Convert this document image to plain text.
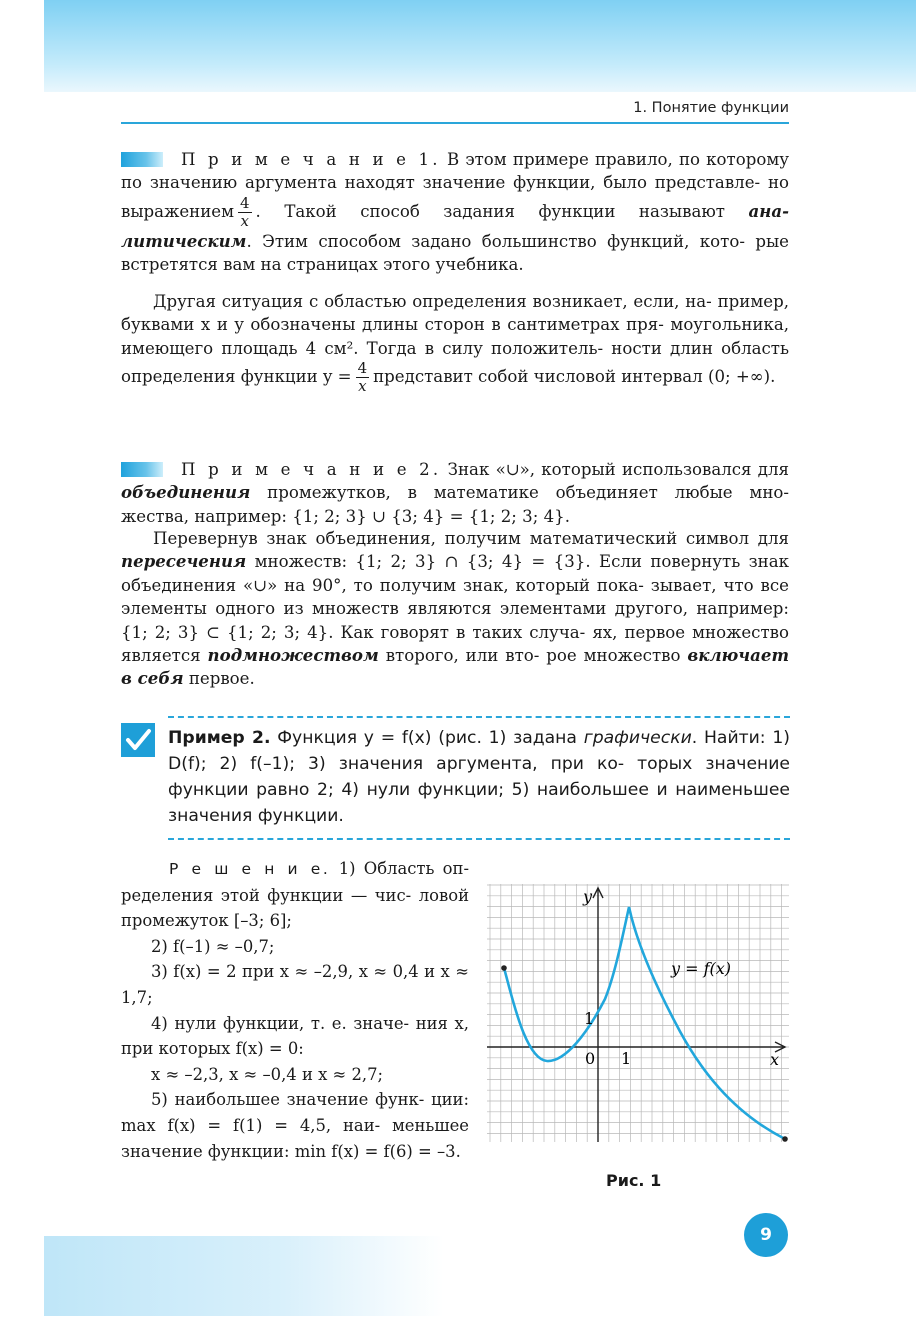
1. Понятие функции

П р и м е ч а н и е 1. В этом примере правило, по которому по значению аргумента находят значение функции, было представле- но выражением $\frac{4}{x}$ . Такой способ задания функции называют ана- литическим. Этим способом задано большинство функций, кото- рые встретятся вам на страницах этого учебника.

Другая ситуация с областью определения возникает, если, на- пример, буквами x и y обозначены длины сторон в сантиметрах пря- моугольника, имеющего площадь 4 см². Тогда в силу положитель- ности длин область определения функции $y = \frac{4}{x}$ представит собой числовой интервал (0; +∞).

П р и м е ч а н и е 2. Знак «∪», который использовался для объединения промежутков, в математике объединяет любые мно- жества, например: {1; 2; 3} ∪ {3; 4} = {1; 2; 3; 4}.

Перевернув знак объединения, получим математический символ для пересечения множеств: {1; 2; 3} ∩ {3; 4} = {3}. Если повернуть знак объединения «∪» на 90°, то получим знак, который пока- зывает, что все элементы одного из множеств являются элементами другого, например: {1; 2; 3} ⊂ {1; 2; 3; 4}. Как говорят в таких случа- ях, первое множество является подмножеством второго, или вто- рое множество включает в себя первое.

Пример 2. Функция y = f(x) (рис. 1) задана графически. Найти: 1) D(f); 2) f(–1); 3) значения аргумента, при ко- торых значение функции равно 2; 4) нули функции; 5) наибольшее и наименьшее значения функции.

Р е ш е н и е. 1) Область оп- ределения этой функции — чис- ловой промежуток [–3; 6];
2) f(–1) ≈ –0,7;
3) f(x) = 2 при x ≈ –2,9, x ≈ 0,4 и x ≈ 1,7;
4) нули функции, т. е. значе- ния x, при которых f(x) = 0:
x ≈ –2,3, x ≈ –0,4 и x ≈ 2,7;
5) наибольшее значение функ- ции: max f(x) = f(1) = 4,5, наи- меньшее значение функции: min f(x) = f(6) = –3.

y
x
0 1
1
y = f(x)
Рис. 1
9
